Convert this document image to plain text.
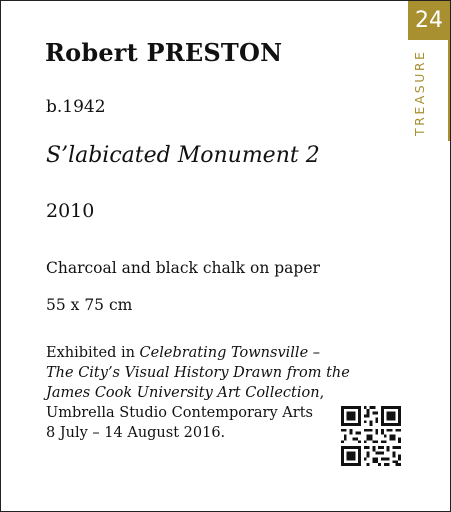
Robert PRESTON
b.1942
S’labicated Monument 2
2010
Charcoal and black chalk on paper
55 x 75 cm
Exhibited in Celebrating Townsville –
The City’s Visual History Drawn from the
James Cook University Art Collection,
Umbrella Studio Contemporary Arts
8 July – 14 August 2016.
24
TREASURE
